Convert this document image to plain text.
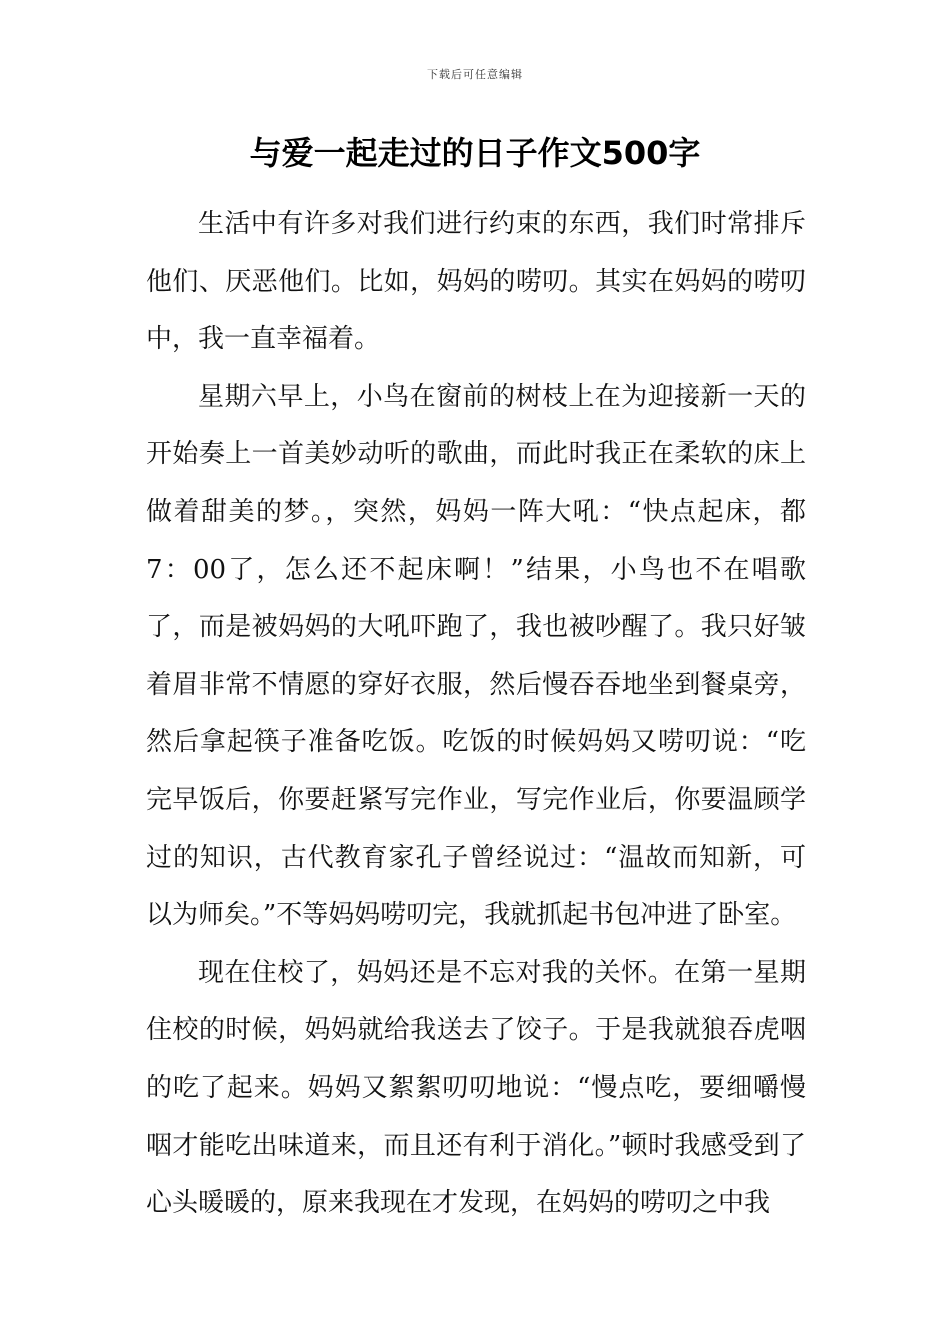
下载后可任意编辑
与爱一起走过的日子作文500字

生活中有许多对我们进行约束的东西，我们时常排斥他们、厌恶他们。比如，妈妈的唠叨。其实在妈妈的唠叨中，我一直幸福着。

星期六早上，小鸟在窗前的树枝上在为迎接新一天的开始奏上一首美妙动听的歌曲，而此时我正在柔软的床上做着甜美的梦。，突然，妈妈一阵大吼：“快点起床，都7：00了，怎么还不起床啊！”结果，小鸟也不在唱歌了，而是被妈妈的大吼吓跑了，我也被吵醒了。我只好皱着眉非常不情愿的穿好衣服，然后慢吞吞地坐到餐桌旁，然后拿起筷子准备吃饭。吃饭的时候妈妈又唠叨说：“吃完早饭后，你要赶紧写完作业，写完作业后，你要温顾学过的知识，古代教育家孔子曾经说过：“温故而知新，可以为师矣。”不等妈妈唠叨完，我就抓起书包冲进了卧室。

现在住校了，妈妈还是不忘对我的关怀。在第一星期住校的时候，妈妈就给我送去了饺子。于是我就狼吞虎咽的吃了起来。妈妈又絮絮叨叨地说：“慢点吃，要细嚼慢咽才能吃出味道来，而且还有利于消化。”顿时我感受到了心头暖暖的，原来我现在才发现，在妈妈的唠叨之中我
